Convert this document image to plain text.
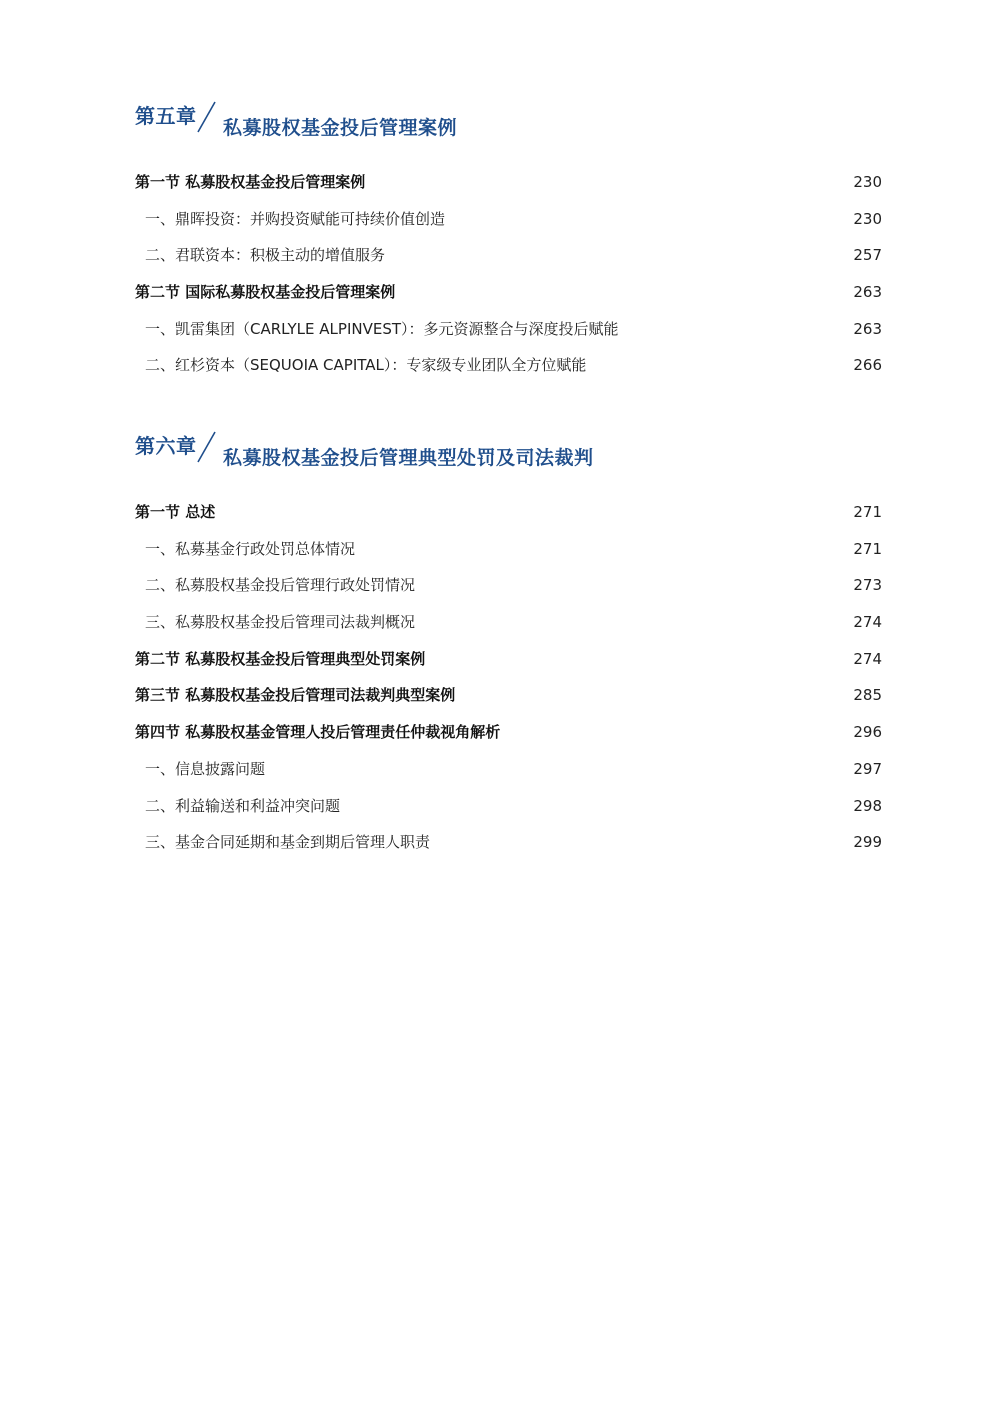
第五章 私募股权基金投后管理案例
第一节 私募股权基金投后管理案例	230
一、鼎晖投资：并购投资赋能可持续价值创造	230
二、君联资本：积极主动的增值服务	257
第二节 国际私募股权基金投后管理案例	263
一、凯雷集团（CARLYLE ALPINVEST）：多元资源整合与深度投后赋能	263
二、红杉资本（SEQUOIA CAPITAL）：专家级专业团队全方位赋能	266
第六章 私募股权基金投后管理典型处罚及司法裁判
第一节 总述	271
一、私募基金行政处罚总体情况	271
二、私募股权基金投后管理行政处罚情况	273
三、私募股权基金投后管理司法裁判概况	274
第二节 私募股权基金投后管理典型处罚案例	274
第三节 私募股权基金投后管理司法裁判典型案例	285
第四节 私募股权基金管理人投后管理责任仲裁视角解析	296
一、信息披露问题	297
二、利益输送和利益冲突问题	298
三、基金合同延期和基金到期后管理人职责	299
